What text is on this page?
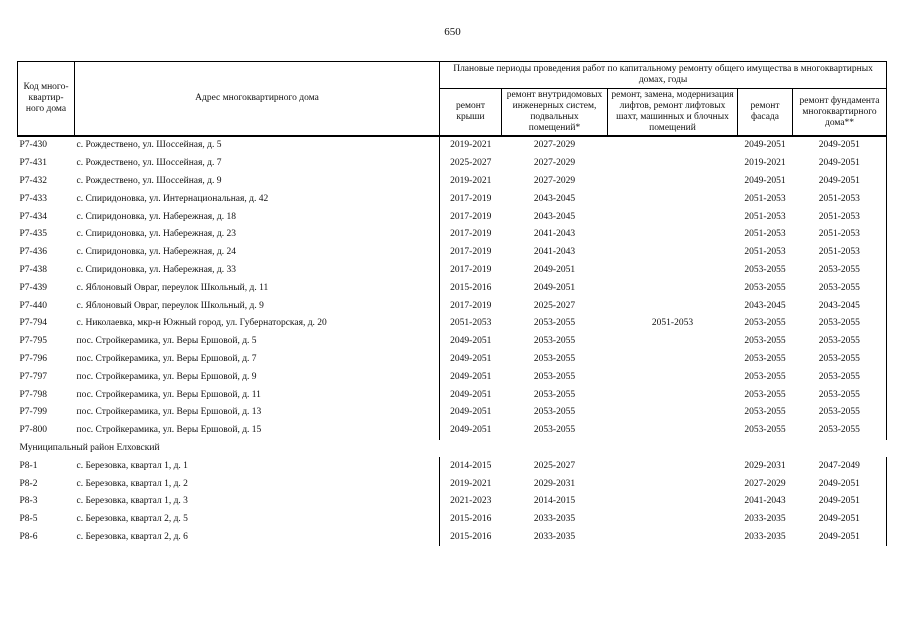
650
Код много-квартир-ного дома	Адрес многоквартирного дома	Плановые периоды проведения работ по капитальному ремонту общего имущества в многоквартирных домах, годы				
		ремонт крыши	ремонт внутридомовых инженерных систем, подвальных помещений*	ремонт, замена, модернизация лифтов, ремонт лифтовых шахт, машинных и блочных помещений	ремонт фасада	ремонт фундамента многоквартирного дома**
Р7-430	с. Рождествено, ул. Шоссейная, д. 5	2019-2021	2027-2029		2049-2051	2049-2051
Р7-431	с. Рождествено, ул. Шоссейная, д. 7	2025-2027	2027-2029		2019-2021	2049-2051
Р7-432	с. Рождествено, ул. Шоссейная, д. 9	2019-2021	2027-2029		2049-2051	2049-2051
Р7-433	с. Спиридоновка, ул. Интернациональная, д. 42	2017-2019	2043-2045		2051-2053	2051-2053
Р7-434	с. Спиридоновка, ул. Набережная, д. 18	2017-2019	2043-2045		2051-2053	2051-2053
Р7-435	с. Спиридоновка, ул. Набережная, д. 23	2017-2019	2041-2043		2051-2053	2051-2053
Р7-436	с. Спиридоновка, ул. Набережная, д. 24	2017-2019	2041-2043		2051-2053	2051-2053
Р7-438	с. Спиридоновка, ул. Набережная, д. 33	2017-2019	2049-2051		2053-2055	2053-2055
Р7-439	с. Яблоновый Овраг, переулок Школьный, д. 11	2015-2016	2049-2051		2053-2055	2053-2055
Р7-440	с. Яблоновый Овраг, переулок Школьный, д. 9	2017-2019	2025-2027		2043-2045	2043-2045
Р7-794	с. Николаевка, мкр-н Южный город, ул. Губернаторская, д. 20	2051-2053	2053-2055	2051-2053	2053-2055	2053-2055
Р7-795	пос. Стройкерамика, ул. Веры Ершовой, д. 5	2049-2051	2053-2055		2053-2055	2053-2055
Р7-796	пос. Стройкерамика, ул. Веры Ершовой, д. 7	2049-2051	2053-2055		2053-2055	2053-2055
Р7-797	пос. Стройкерамика, ул. Веры Ершовой, д. 9	2049-2051	2053-2055		2053-2055	2053-2055
Р7-798	пос. Стройкерамика, ул. Веры Ершовой, д. 11	2049-2051	2053-2055		2053-2055	2053-2055
Р7-799	пос. Стройкерамика, ул. Веры Ершовой, д. 13	2049-2051	2053-2055		2053-2055	2053-2055
Р7-800	пос. Стройкерамика, ул. Веры Ершовой, д. 15	2049-2051	2053-2055		2053-2055	2053-2055
Муниципальный район Елховский						
Р8-1	с. Березовка, квартал 1, д. 1	2014-2015	2025-2027		2029-2031	2047-2049
Р8-2	с. Березовка, квартал 1, д. 2	2019-2021	2029-2031		2027-2029	2049-2051
Р8-3	с. Березовка, квартал 1, д. 3	2021-2023	2014-2015		2041-2043	2049-2051
Р8-5	с. Березовка, квартал 2, д. 5	2015-2016	2033-2035		2033-2035	2049-2051
Р8-6	с. Березовка, квартал 2, д. 6	2015-2016	2033-2035		2033-2035	2049-2051
